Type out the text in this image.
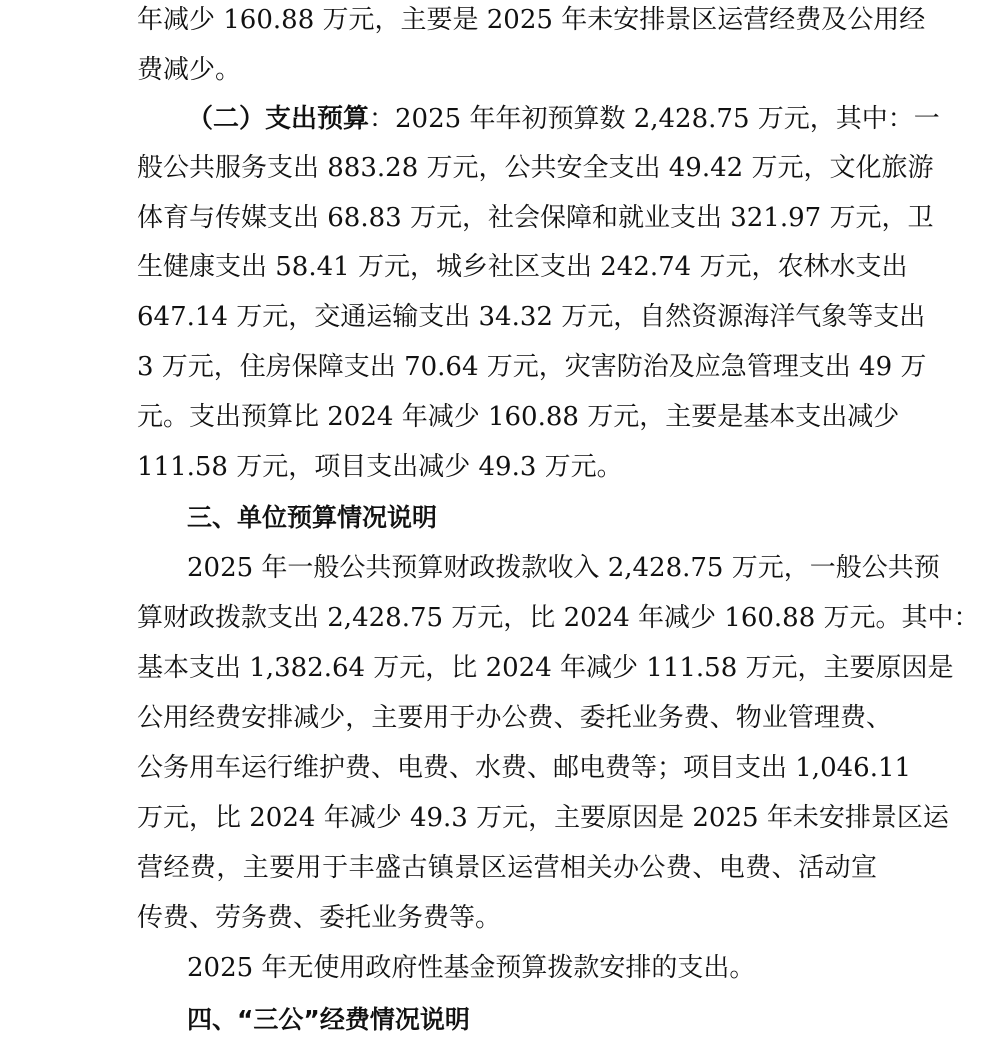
年减少 160.88 万元，主要是 2025 年未安排景区运营经费及公用经
费减少。
（二）支出预算：2025 年年初预算数 2,428.75 万元，其中：一
般公共服务支出 883.28 万元，公共安全支出 49.42 万元，文化旅游
体育与传媒支出 68.83 万元，社会保障和就业支出 321.97 万元，卫
生健康支出 58.41 万元，城乡社区支出 242.74 万元，农林水支出
647.14 万元，交通运输支出 34.32 万元，自然资源海洋气象等支出
3 万元，住房保障支出 70.64 万元，灾害防治及应急管理支出 49 万
元。支出预算比 2024 年减少 160.88 万元，主要是基本支出减少
111.58 万元，项目支出减少 49.3 万元。
三、单位预算情况说明
2025 年一般公共预算财政拨款收入 2,428.75 万元，一般公共预
算财政拨款支出 2,428.75 万元，比 2024 年减少 160.88 万元。其中：
基本支出 1,382.64 万元，比 2024 年减少 111.58 万元，主要原因是
公用经费安排减少，主要用于办公费、委托业务费、物业管理费、
公务用车运行维护费、电费、水费、邮电费等；项目支出 1,046.11
万元，比 2024 年减少 49.3 万元，主要原因是 2025 年未安排景区运
营经费，主要用于丰盛古镇景区运营相关办公费、电费、活动宣
传费、劳务费、委托业务费等。
2025 年无使用政府性基金预算拨款安排的支出。
四、“三公”经费情况说明
